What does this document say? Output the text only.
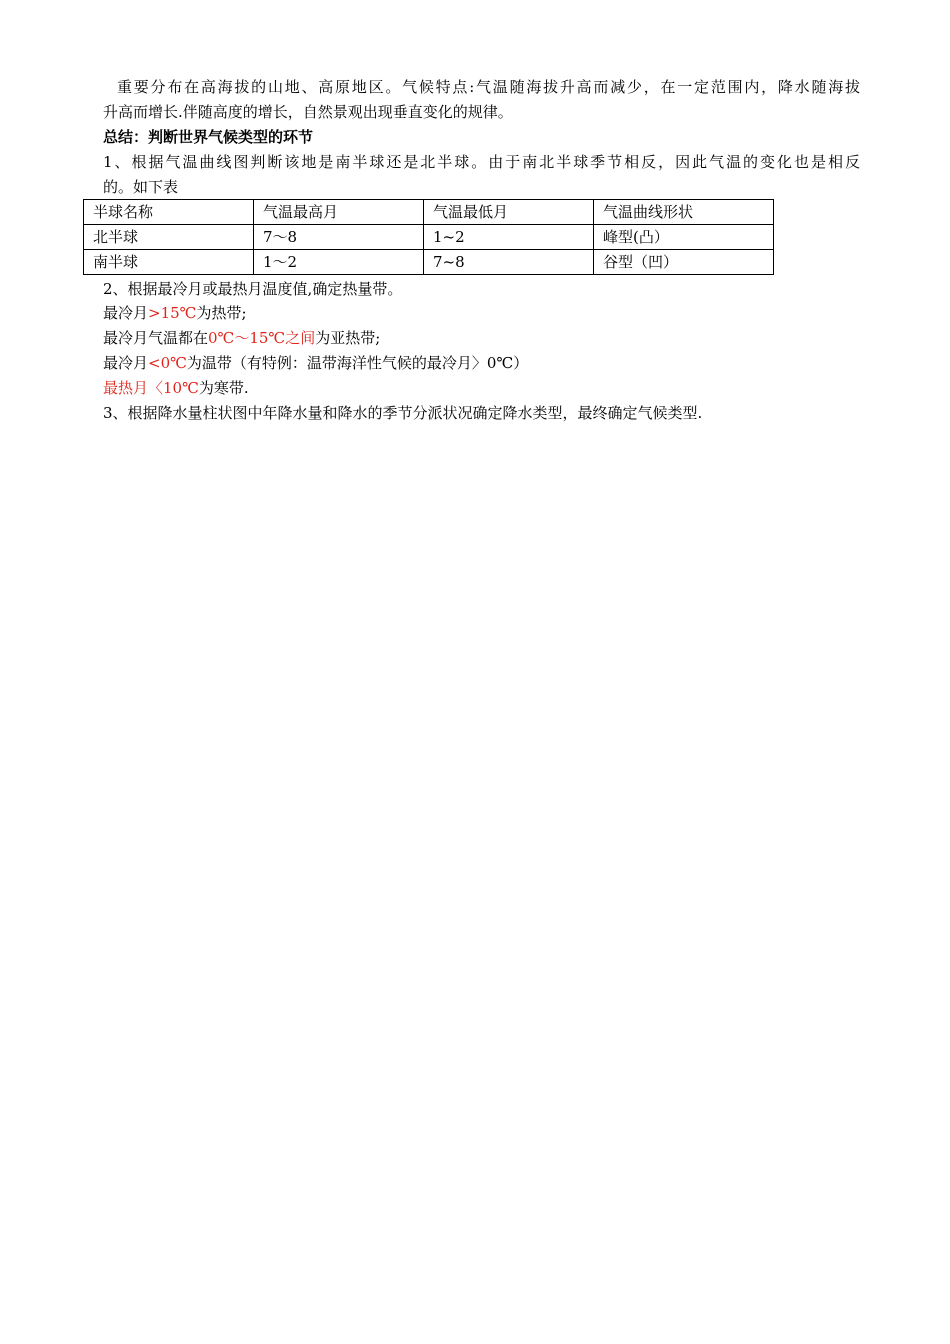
重要分布在高海拔的山地、高原地区。气候特点:气温随海拔升高而减少，在一定范围内，降水随海拔
升高而增长.伴随高度的增长，自然景观出现垂直变化的规律。
总结：判断世界气候类型的环节
1、根据气温曲线图判断该地是南半球还是北半球。由于南北半球季节相反，因此气温的变化也是相反
的。如下表
半球名称	气温最高月	气温最低月	气温曲线形状
北半球	7～8	1~2	峰型(凸）
南半球	1～2	7~8	谷型（凹）
2、根据最冷月或最热月温度值,确定热量带。
最冷月>15℃为热带;
最冷月气温都在0℃～15℃之间为亚热带;
最冷月<0℃为温带（有特例：温带海洋性气候的最冷月〉0℃）
最热月〈10℃为寒带.
3、根据降水量柱状图中年降水量和降水的季节分派状况确定降水类型，最终确定气候类型.
